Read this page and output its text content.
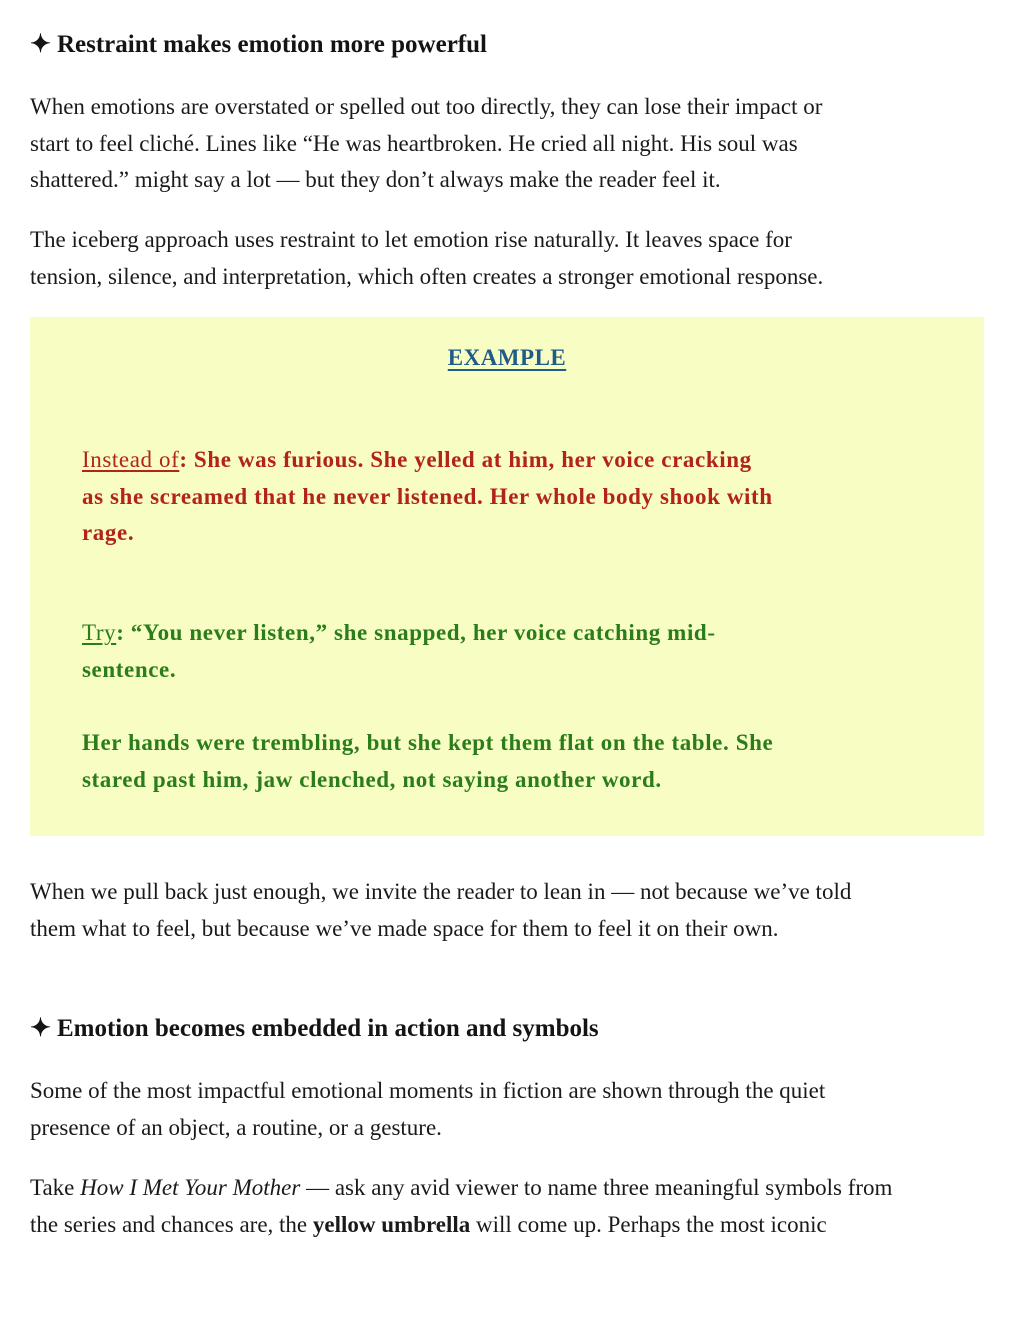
✦ Restraint makes emotion more powerful

When emotions are overstated or spelled out too directly, they can lose their impact or
start to feel cliché. Lines like “He was heartbroken. He cried all night. His soul was
shattered.” might say a lot — but they don’t always make the reader feel it.

The iceberg approach uses restraint to let emotion rise naturally. It leaves space for
tension, silence, and interpretation, which often creates a stronger emotional response.

EXAMPLE

Instead of: She was furious. She yelled at him, her voice cracking
as she screamed that he never listened. Her whole body shook with
rage.

Try: “You never listen,” she snapped, her voice catching mid-
sentence.

Her hands were trembling, but she kept them flat on the table. She
stared past him, jaw clenched, not saying another word.

When we pull back just enough, we invite the reader to lean in — not because we’ve told
them what to feel, but because we’ve made space for them to feel it on their own.

✦ Emotion becomes embedded in action and symbols

Some of the most impactful emotional moments in fiction are shown through the quiet
presence of an object, a routine, or a gesture.

Take How I Met Your Mother — ask any avid viewer to name three meaningful symbols from
the series and chances are, the yellow umbrella will come up. Perhaps the most iconic
